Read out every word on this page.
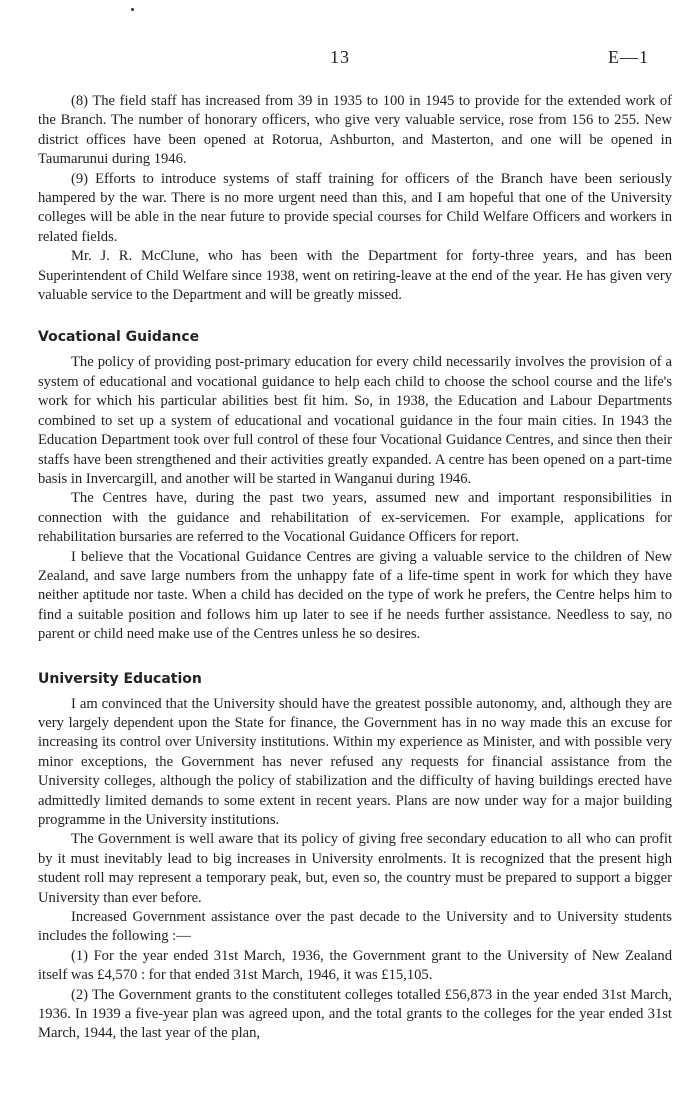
13	E—1

(8) The field staff has increased from 39 in 1935 to 100 in 1945 to provide for the extended work of the Branch. The number of honorary officers, who give very valuable service, rose from 156 to 255. New district offices have been opened at Rotorua, Ashburton, and Masterton, and one will be opened in Taumarunui during 1946.

(9) Efforts to introduce systems of staff training for officers of the Branch have been seriously hampered by the war. There is no more urgent need than this, and I am hopeful that one of the University colleges will be able in the near future to provide special courses for Child Welfare Officers and workers in related fields.

Mr. J. R. McClune, who has been with the Department for forty-three years, and has been Superintendent of Child Welfare since 1938, went on retiring-leave at the end of the year. He has given very valuable service to the Department and will be greatly missed.

Vocational Guidance

The policy of providing post-primary education for every child necessarily involves the provision of a system of educational and vocational guidance to help each child to choose the school course and the life's work for which his particular abilities best fit him. So, in 1938, the Education and Labour Departments combined to set up a system of educational and vocational guidance in the four main cities. In 1943 the Education Department took over full control of these four Vocational Guidance Centres, and since then their staffs have been strengthened and their activities greatly expanded. A centre has been opened on a part-time basis in Invercargill, and another will be started in Wanganui during 1946.

The Centres have, during the past two years, assumed new and important responsibilities in connection with the guidance and rehabilitation of ex-servicemen. For example, applications for rehabilitation bursaries are referred to the Vocational Guidance Officers for report.

I believe that the Vocational Guidance Centres are giving a valuable service to the children of New Zealand, and save large numbers from the unhappy fate of a life-time spent in work for which they have neither aptitude nor taste. When a child has decided on the type of work he prefers, the Centre helps him to find a suitable position and follows him up later to see if he needs further assistance. Needless to say, no parent or child need make use of the Centres unless he so desires.

University Education

I am convinced that the University should have the greatest possible autonomy, and, although they are very largely dependent upon the State for finance, the Government has in no way made this an excuse for increasing its control over University institutions. Within my experience as Minister, and with possible very minor exceptions, the Government has never refused any requests for financial assistance from the University colleges, although the policy of stabilization and the difficulty of having buildings erected have admittedly limited demands to some extent in recent years. Plans are now under way for a major building programme in the University institutions.

The Government is well aware that its policy of giving free secondary education to all who can profit by it must inevitably lead to big increases in University enrolments. It is recognized that the present high student roll may represent a temporary peak, but, even so, the country must be prepared to support a bigger University than ever before.

Increased Government assistance over the past decade to the University and to University students includes the following :—

(1) For the year ended 31st March, 1936, the Government grant to the University of New Zealand itself was £4,570 : for that ended 31st March, 1946, it was £15,105.

(2) The Government grants to the constitutent colleges totalled £56,873 in the year ended 31st March, 1936. In 1939 a five-year plan was agreed upon, and the total grants to the colleges for the year ended 31st March, 1944, the last year of the plan,
